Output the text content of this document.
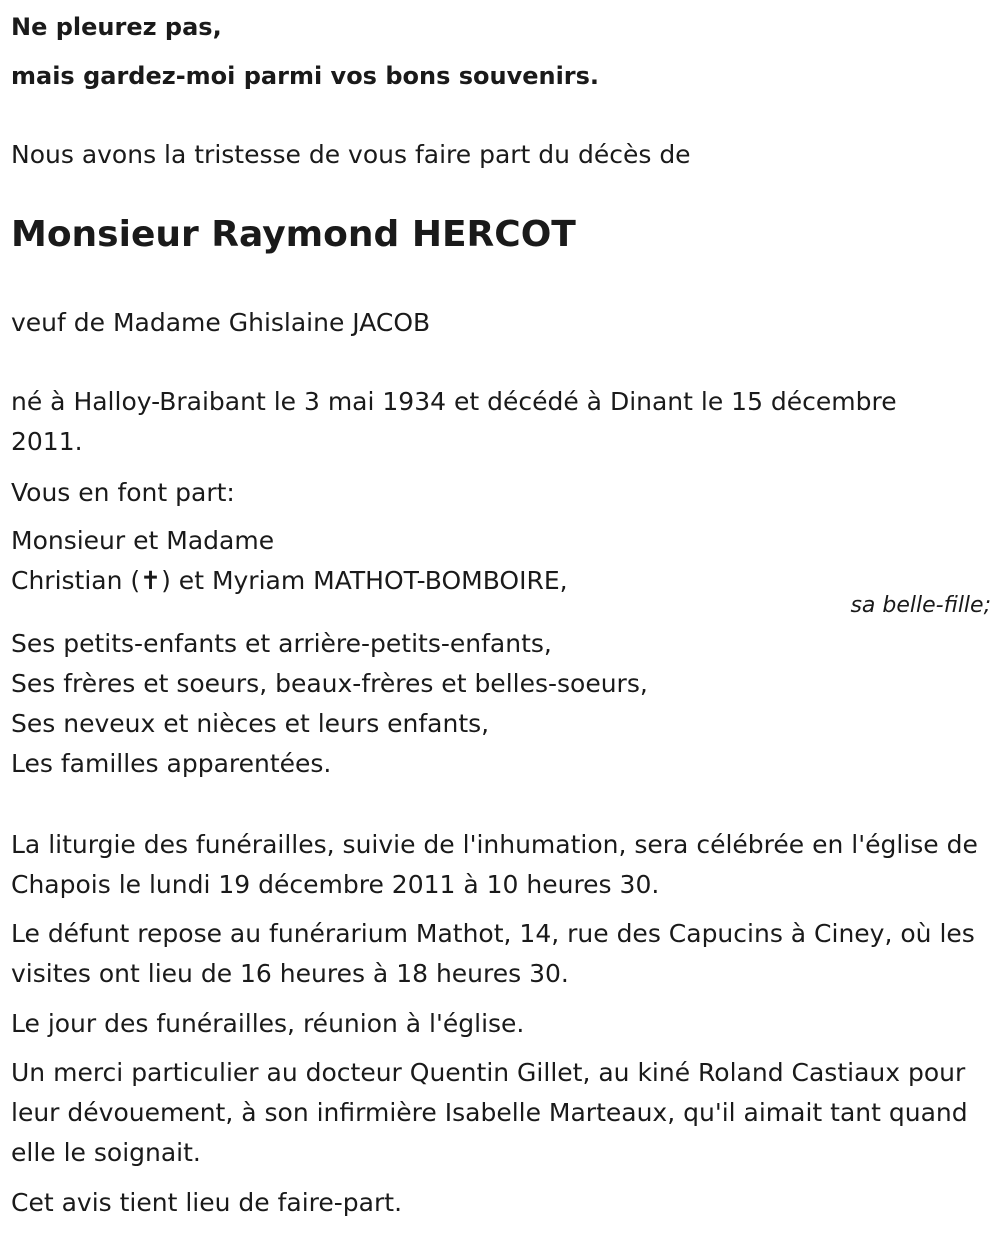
Ne pleurez pas,

mais gardez-moi parmi vos bons souvenirs.

Nous avons la tristesse de vous faire part du décès de

Monsieur Raymond HERCOT

veuf de Madame Ghislaine JACOB

né à Halloy-Braibant le 3 mai 1934 et décédé à Dinant le 15 décembre

2011.

Vous en font part:

Monsieur et Madame

Christian (✝) et Myriam MATHOT-BOMBOIRE,

sa belle-fille;

Ses petits-enfants et arrière-petits-enfants,

Ses frères et soeurs, beaux-frères et belles-soeurs,

Ses neveux et nièces et leurs enfants,

Les familles apparentées.

La liturgie des funérailles, suivie de l'inhumation, sera célébrée en l'église de Chapois le lundi 19 décembre 2011 à 10 heures 30.

Le défunt repose au funérarium Mathot, 14, rue des Capucins à Ciney, où les visites ont lieu de 16 heures à 18 heures 30.

Le jour des funérailles, réunion à l'église.

Un merci particulier au docteur Quentin Gillet, au kiné Roland Castiaux pour leur dévouement, à son infirmière Isabelle Marteaux, qu'il aimait tant quand elle le soignait.

Cet avis tient lieu de faire-part.
